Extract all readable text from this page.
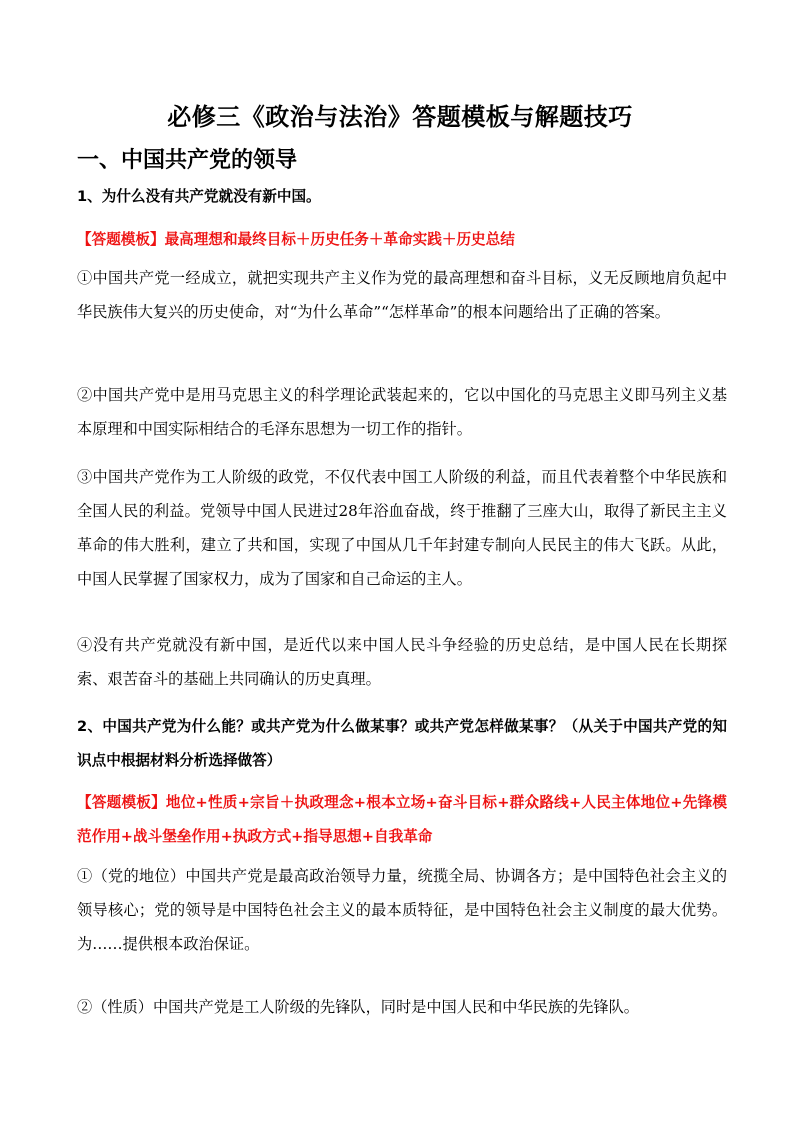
必修三《政治与法治》答题模板与解题技巧
一、中国共产党的领导

1、为什么没有共产党就没有新中国。

【答题模板】最高理想和最终目标＋历史任务＋革命实践＋历史总结

①中国共产党一经成立，就把实现共产主义作为党的最高理想和奋斗目标，义无反顾地肩负起中华民族伟大复兴的历史使命，对“为什么革命”“怎样革命”的根本问题给出了正确的答案。

②中国共产党中是用马克思主义的科学理论武装起来的，它以中国化的马克思主义即马列主义基本原理和中国实际相结合的毛泽东思想为一切工作的指针。

③中国共产党作为工人阶级的政党，不仅代表中国工人阶级的利益，而且代表着整个中华民族和全国人民的利益。党领导中国人民进过28年浴血奋战，终于推翻了三座大山，取得了新民主主义革命的伟大胜利，建立了共和国，实现了中国从几千年封建专制向人民民主的伟大飞跃。从此，中国人民掌握了国家权力，成为了国家和自己命运的主人。

④没有共产党就没有新中国，是近代以来中国人民斗争经验的历史总结，是中国人民在长期探索、艰苦奋斗的基础上共同确认的历史真理。

2、中国共产党为什么能？或共产党为什么做某事？或共产党怎样做某事？（从关于中国共产党的知识点中根据材料分析选择做答）

【答题模板】地位+性质+宗旨＋执政理念+根本立场+奋斗目标+群众路线+人民主体地位+先锋模范作用+战斗堡垒作用+执政方式+指导思想+自我革命

①（党的地位）中国共产党是最高政治领导力量，统揽全局、协调各方；是中国特色社会主义的领导核心；党的领导是中国特色社会主义的最本质特征，是中国特色社会主义制度的最大优势。为……提供根本政治保证。

②（性质）中国共产党是工人阶级的先锋队，同时是中国人民和中华民族的先锋队。
